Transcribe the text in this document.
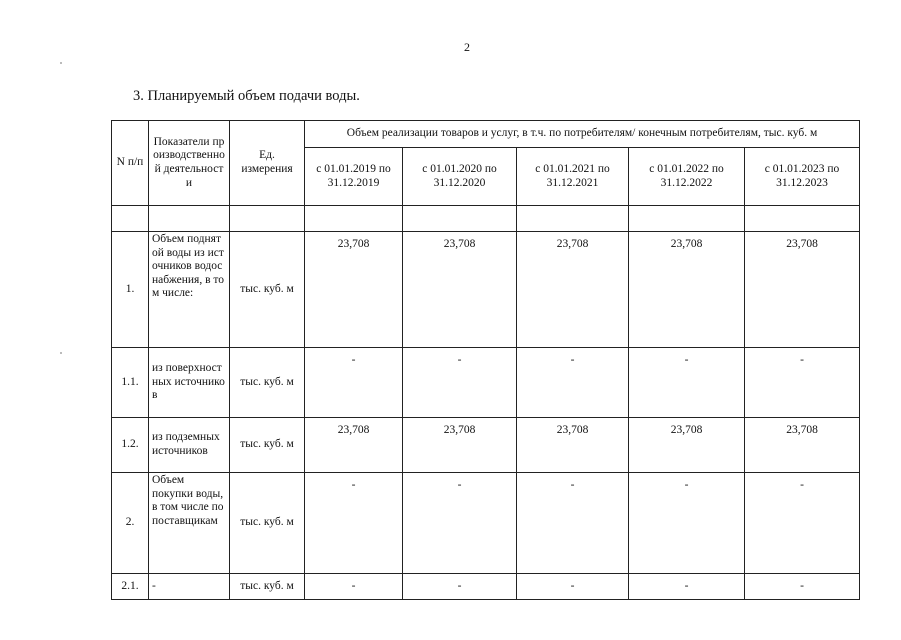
2
3. Планируемый объем подачи воды.
N п/п	Показатели производственной деятельности	Ед. измерения	Объем реализации товаров и услуг, в т.ч. по потребителям/ конечным потребителям, тыс. куб. м				
			с 01.01.2019 по 31.12.2019	с 01.01.2020 по 31.12.2020	с 01.01.2021 по 31.12.2021	с 01.01.2022 по 31.12.2022	с 01.01.2023 по 31.12.2023

1.	Объем поднятой воды из источников водоснабжения, в том числе:	тыс. куб. м	23,708	23,708	23,708	23,708	23,708
1.1.	из поверхностных источников	тыс. куб. м	-	-	-	-	-
1.2.	из подземных источников	тыс. куб. м	23,708	23,708	23,708	23,708	23,708
2.	Объем покупки воды, в том числе по поставщикам	тыс. куб. м	-	-	-	-	-
2.1.	-	тыс. куб. м	-	-	-	-	-
